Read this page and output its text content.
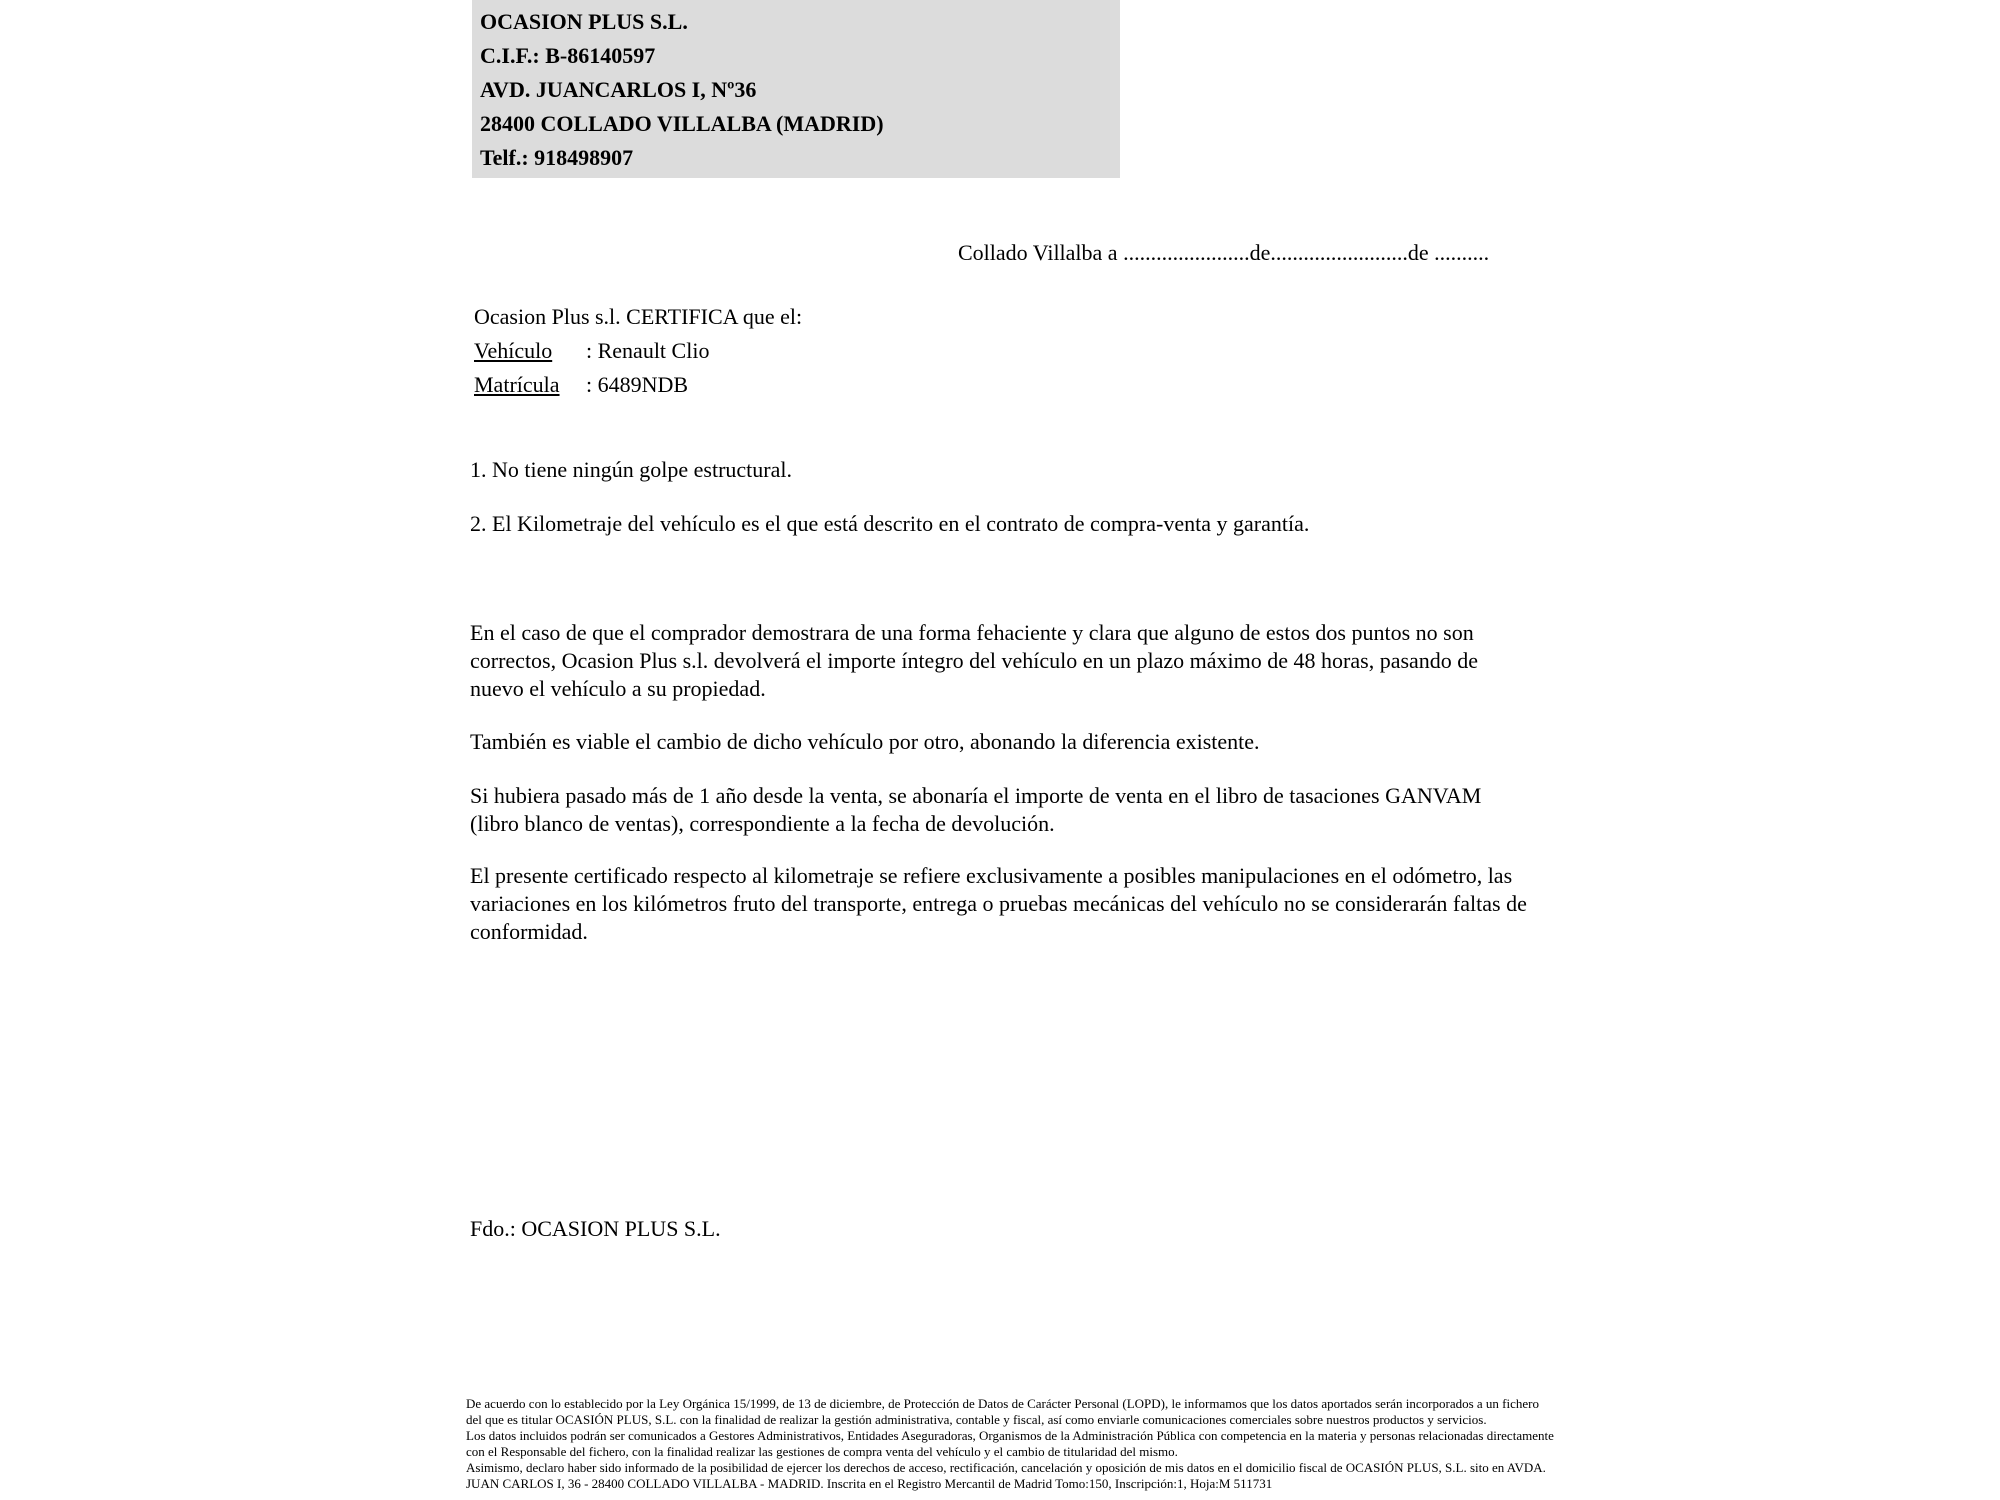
OCASION PLUS S.L.
C.I.F.: B-86140597
AVD. JUANCARLOS I, Nº36
28400 COLLADO VILLALBA (MADRID)
Telf.: 918498907
Collado Villalba a .......................de.........................de ..........
Ocasion Plus s.l. CERTIFICA que el:
Vehículo : Renault Clio
Matrícula : 6489NDB
1. No tiene ningún golpe estructural.
2. El Kilometraje del vehículo es el que está descrito en el contrato de compra-venta y garantía.
En el caso de que el comprador demostrara de una forma fehaciente y clara que alguno de estos dos puntos no son correctos, Ocasion Plus s.l. devolverá el importe íntegro del vehículo en un plazo máximo de 48 horas, pasando de nuevo el vehículo a su propiedad.
También es viable el cambio de dicho vehículo por otro, abonando la diferencia existente.
Si hubiera pasado más de 1 año desde la venta, se abonaría el importe de venta en el libro de tasaciones GANVAM (libro blanco de ventas), correspondiente a la fecha de devolución.
El presente certificado respecto al kilometraje se refiere exclusivamente a posibles manipulaciones en el odómetro, las variaciones en los kilómetros fruto del transporte, entrega o pruebas mecánicas del vehículo no se considerarán faltas de conformidad.
Fdo.: OCASION PLUS S.L.

De acuerdo con lo establecido por la Ley Orgánica 15/1999, de 13 de diciembre, de Protección de Datos de Carácter Personal (LOPD), le informamos que los datos aportados serán incorporados a un fichero del que es titular OCASIÓN PLUS, S.L. con la finalidad de realizar la gestión administrativa, contable y fiscal, así como enviarle comunicaciones comerciales sobre nuestros productos y servicios.

Los datos incluidos podrán ser comunicados a Gestores Administrativos, Entidades Aseguradoras, Organismos de la Administración Pública con competencia en la materia y personas relacionadas directamente con el Responsable del fichero, con la finalidad realizar las gestiones de compra venta del vehículo y el cambio de titularidad del mismo.

Asimismo, declaro haber sido informado de la posibilidad de ejercer los derechos de acceso, rectificación, cancelación y oposición de mis datos en el domicilio fiscal de OCASIÓN PLUS, S.L. sito en AVDA. JUAN CARLOS I, 36 - 28400 COLLADO VILLALBA - MADRID. Inscrita en el Registro Mercantil de Madrid Tomo:150, Inscripción:1, Hoja:M 511731
